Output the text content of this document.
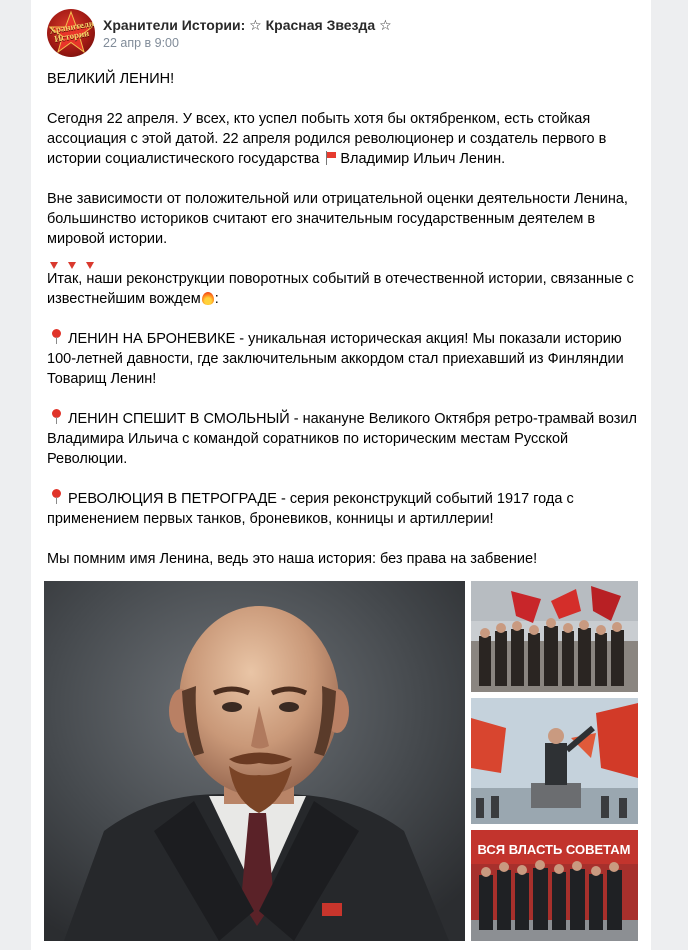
Хранители Истории
Хранители Истории: ☆ Красная Звезда ☆
22 апр в 9:00

ВЕЛИКИЙ ЛЕНИН!

Сегодня 22 апреля. У всех, кто успел побыть хотя бы октябренком, есть стойкая ассоциация с этой датой. 22 апреля родился революционер и создатель первого в истории социалистического государства Владимир Ильич Ленин.

Вне зависимости от положительной или отрицательной оценки деятельности Ленина, большинство историков считают его значительным государственным деятелем в мировой истории.

Итак, наши реконструкции поворотных событий в отечественной истории, связанные с известнейшим вождем :

ЛЕНИН НА БРОНЕВИКЕ - уникальная историческая акция! Мы показали историю 100-летней давности, где заключительным аккордом стал приехавший из Финляндии Товарищ Ленин!

ЛЕНИН СПЕШИТ В СМОЛЬНЫЙ - накануне Великого Октября ретро-трамвай возил Владимира Ильича с командой соратников по историческим местам Русской Революции.

РЕВОЛЮЦИЯ В ПЕТРОГРАДЕ - серия реконструкций событий 1917 года с применением первых танков, броневиков, конницы и артиллерии!

Мы помним имя Ленина, ведь это наша история: без права на забвение!

ВСЯ ВЛАСТЬ СОВЕТАМ
